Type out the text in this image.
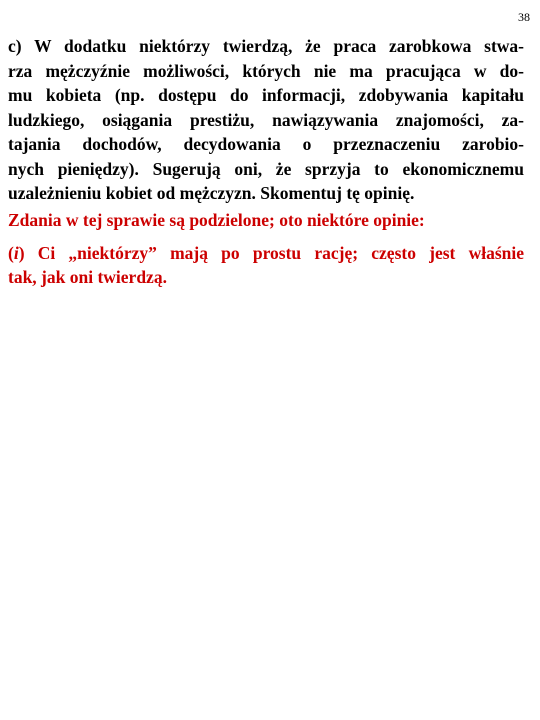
38
c) W dodatku niektórzy twierdzą, że praca zarobkowa stwa-
rza mężczyźnie możliwości, których nie ma pracująca w do-
mu kobieta (np. dostępu do informacji, zdobywania kapitału
ludzkiego, osiągania prestiżu, nawiązywania znajomości, za-
tajania dochodów, decydowania o przeznaczeniu zarobio-
nych pieniędzy). Sugerują oni, że sprzyja to ekonomicznemu
uzależnieniu kobiet od mężczyzn. Skomentuj tę opinię.
Zdania w tej sprawie są podzielone; oto niektóre opinie:
(i) Ci „niektórzy” mają po prostu rację; często jest właśnie
tak, jak oni twierdzą.
